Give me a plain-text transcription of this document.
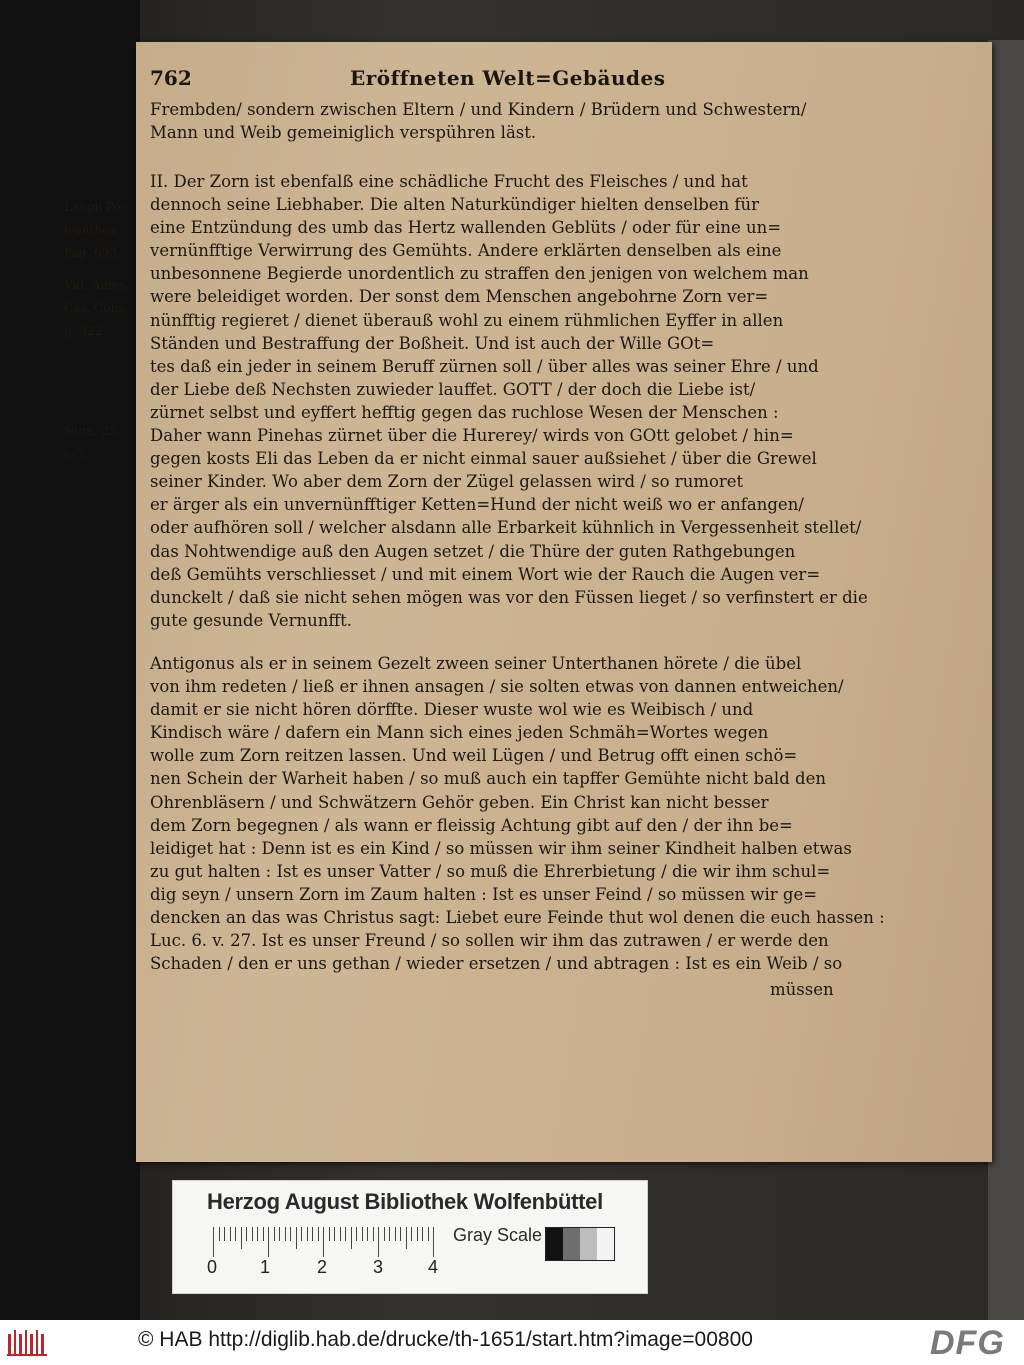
762	Eröffneten Welt=Gebäudes
Frembden/ sondern zwischen Eltern / und Kindern / Brüdern und Schwestern/
Mann und Weib gemeiniglich verspühren läst.
II. Der Zorn ist ebenfalß eine schädliche Frucht des Fleisches / und hat
dennoch seine Liebhaber. Die alten Naturkündiger hielten denselben für
eine Entzündung des umb das Hertz wallenden Geblüts / oder für eine un=
vernünfftige Verwirrung des Gemühts. Andere erklärten denselben als eine
unbesonnene Begierde unordentlich zu straffen den jenigen von welchem man
were beleidiget worden. Der sonst dem Menschen angebohrne Zorn ver=
nünfftig regieret / dienet überauß wohl zu einem rühmlichen Eyffer in allen
Ständen und Bestraffung der Boßheit. Und ist auch der Wille GOt=
tes daß ein jeder in seinem Beruff zürnen soll / über alles was seiner Ehre / und
der Liebe deß Nechsten zuwieder lauffet. GOTT / der doch die Liebe ist/
zürnet selbst und eyffert hefftig gegen das ruchlose Wesen der Menschen :
Daher wann Pinehas zürnet über die Hurerey/ wirds von GOtt gelobet / hin=
gegen kosts Eli das Leben da er nicht einmal sauer außsiehet / über die Grewel
seiner Kinder. Wo aber dem Zorn der Zügel gelassen wird / so rumoret
er ärger als ein unvernünfftiger Ketten=Hund der nicht weiß wo er anfangen/
oder aufhören soll / welcher alsdann alle Erbarkeit kühnlich in Vergessenheit stellet/
das Nohtwendige auß den Augen setzet / die Thüre der guten Rathgebungen
deß Gemühts verschliesset / und mit einem Wort wie der Rauch die Augen ver=
dunckelt / daß sie nicht sehen mögen was vor den Füssen lieget / so verfinstert er die
gute gesunde Vernunfft.
Antigonus als er in seinem Gezelt zween seiner Unterthanen hörete / die übel
von ihm redeten / ließ er ihnen ansagen / sie solten etwas von dannen entweichen/
damit er sie nicht hören dörffte. Dieser wuste wol wie es Weibisch / und
Kindisch wäre / dafern ein Mann sich eines jeden Schmäh=Wortes wegen
wolle zum Zorn reitzen lassen. Und weil Lügen / und Betrug offt einen schö=
nen Schein der Warheit haben / so muß auch ein tapffer Gemühte nicht bald den
Ohrenbläsern / und Schwätzern Gehör geben. Ein Christ kan nicht besser
dem Zorn begegnen / als wann er fleissig Achtung gibt auf den / der ihn be=
leidiget hat : Denn ist es ein Kind / so müssen wir ihm seiner Kindheit halben etwas
zu gut halten : Ist es unser Vatter / so muß die Ehrerbietung / die wir ihm schul=
dig seyn / unsern Zorn im Zaum halten : Ist es unser Feind / so müssen wir ge=
dencken an das was Christus sagt: Liebet eure Feinde thut wol denen die euch hassen :
Luc. 6. v. 27. Ist es unser Freund / so sollen wir ihm das zutrawen / er werde den
Schaden / den er uns gethan / wieder ersetzen / und abtragen : Ist es ein Weib / so
müssen
Langii Po-
lyanthea
Pag. 693.
Vid. Ames.
Cas. Cons.
p. 322.
Num. 25.
v. 7.
Herzog August Bibliothek Wolfenbüttel
0 1	2	3 4
Gray Scale
© HAB http://diglib.hab.de/drucke/th-1651/start.htm?image=00800	DFG
